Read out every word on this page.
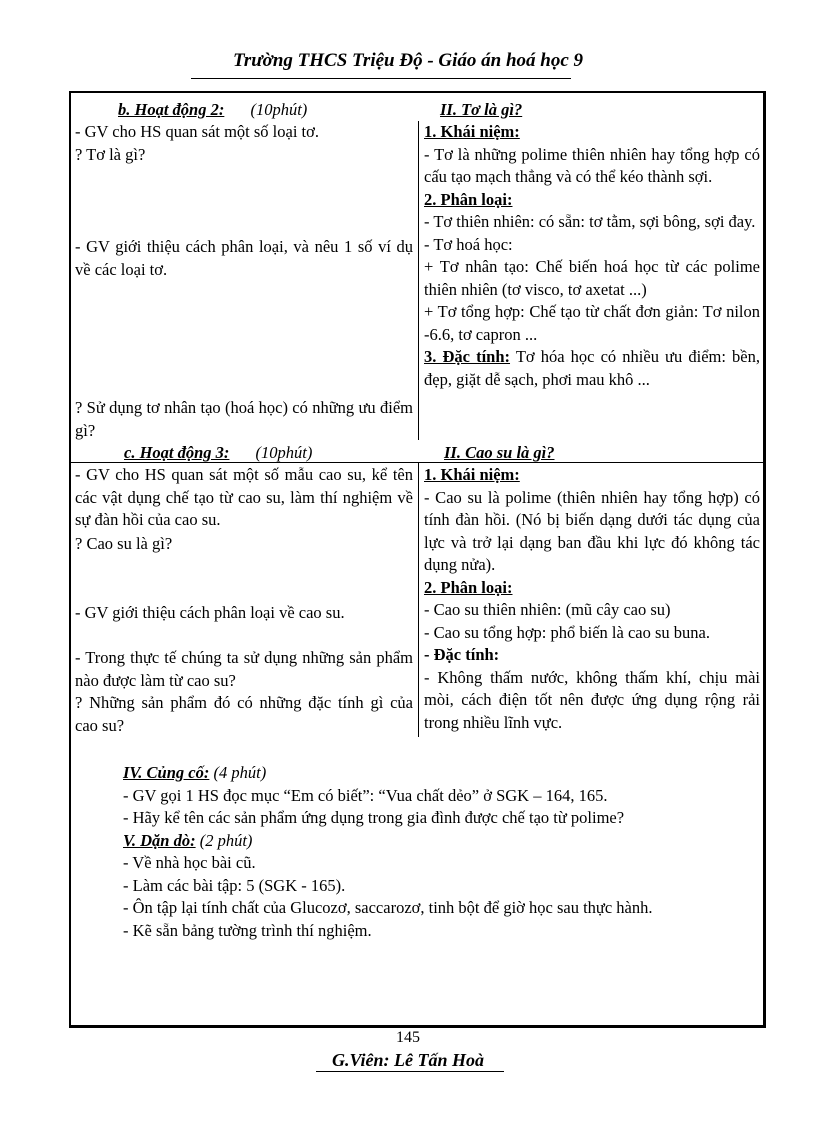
Trường THCS Triệu Độ - Giáo án hoá học 9
b. Hoạt động 2: (10phút)	II. Tơ là gì?
- GV cho HS quan sát một số loại tơ.
? Tơ là gì?
- GV giới thiệu cách phân loại, và nêu 1 số ví dụ về các loại tơ.
? Sử dụng tơ nhân tạo (hoá học) có những ưu điểm gì?

1. Khái niệm:

- Tơ là những polime thiên nhiên hay tổng hợp có cấu tạo mạch thẳng và có thể kéo thành sợi.

2. Phân loại:

- Tơ thiên nhiên: có sẵn: tơ tằm, sợi bông, sợi đay.

- Tơ hoá học:

+ Tơ nhân tạo: Chế biến hoá học từ các polime thiên nhiên (tơ visco, tơ axetat ...)

+ Tơ tổng hợp: Chế tạo từ chất đơn giản: Tơ nilon -6.6, tơ capron ...

3. Đặc tính: Tơ hóa học có nhiều ưu điểm: bền, đẹp, giặt dễ sạch, phơi mau khô ...

c. Hoạt động 3: (10phút)	II. Cao su là gì?
- GV cho HS quan sát một số mẫu cao su, kể tên các vật dụng chế tạo từ cao su, làm thí nghiệm về sự đàn hồi của cao su.
? Cao su là gì?
- GV giới thiệu cách phân loại về cao su.
- Trong thực tế chúng ta sử dụng những sản phẩm nào được làm từ cao su?
? Những sản phẩm đó có những đặc tính gì của cao su?

1. Khái niệm:

- Cao su là polime (thiên nhiên hay tổng hợp) có tính đàn hồi. (Nó bị biến dạng dưới tác dụng của lực và trở lại dạng ban đầu khi lực đó không tác dụng nửa).

2. Phân loại:

- Cao su thiên nhiên: (mũ cây cao su)

- Cao su tổng hợp: phổ biến là cao su buna.

- Đặc tính:

- Không thấm nước, không thấm khí, chịu mài mòi, cách điện tốt nên được ứng dụng rộng rải trong nhiều lĩnh vực.

IV. Củng cố: (4 phút)

- GV gọi 1 HS đọc mục “Em có biết”: “Vua chất dẻo” ở SGK – 164, 165.

- Hãy kể tên các sản phẩm ứng dụng trong gia đình được chế tạo từ polime?

V. Dặn dò: (2 phút)

- Về nhà học bài cũ.

- Làm các bài tập: 5 (SGK - 165).

- Ôn tập lại tính chất của Glucozơ, saccarozơ, tinh bột để giờ học sau thực hành.

- Kẽ sẵn bảng tường trình thí nghiệm.

145
G.Viên: Lê Tấn Hoà
